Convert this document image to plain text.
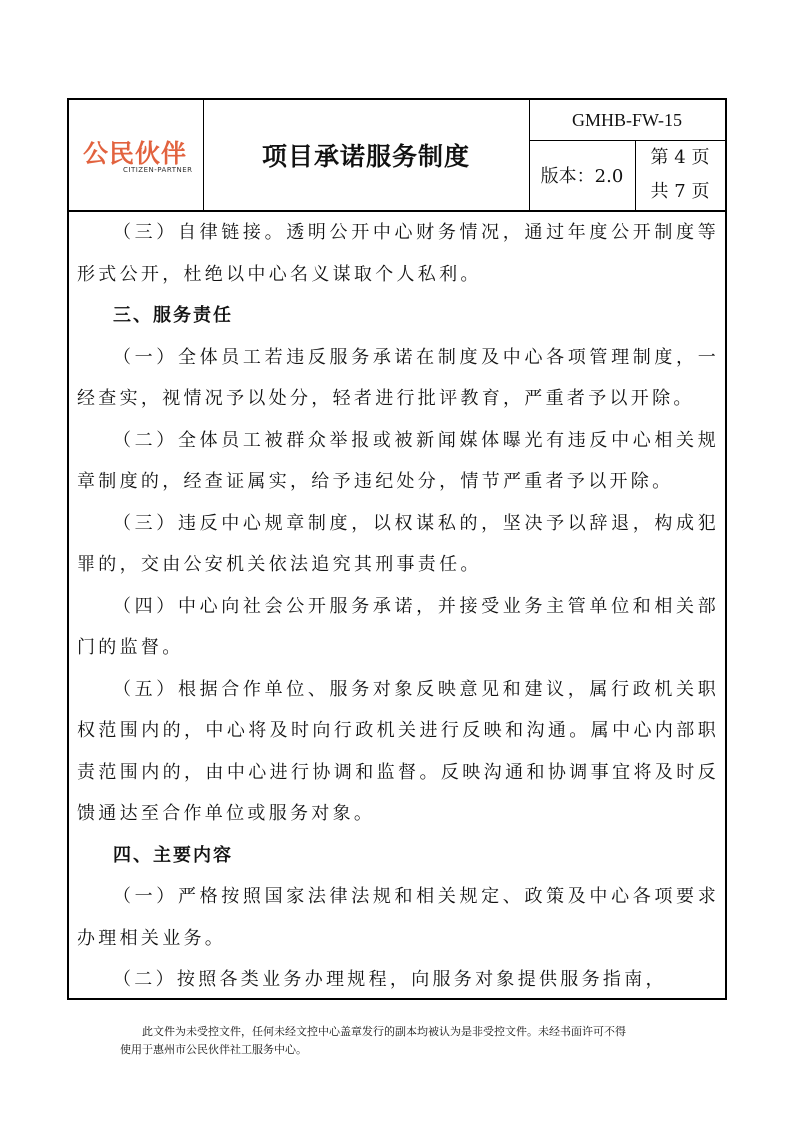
公民伙伴
CITIZEN-PARTNER	项目承诺服务制度
GMHB-FW-15
版本：2.0
第 4 页
共 7 页

（三）自律链接。透明公开中心财务情况，通过年度公开制度等形式公开，杜绝以中心名义谋取个人私利。

三、服务责任

（一）全体员工若违反服务承诺在制度及中心各项管理制度，一经查实，视情况予以处分，轻者进行批评教育，严重者予以开除。

（二）全体员工被群众举报或被新闻媒体曝光有违反中心相关规章制度的，经查证属实，给予违纪处分，情节严重者予以开除。

（三）违反中心规章制度，以权谋私的，坚决予以辞退，构成犯罪的，交由公安机关依法追究其刑事责任。

（四）中心向社会公开服务承诺，并接受业务主管单位和相关部门的监督。

（五）根据合作单位、服务对象反映意见和建议，属行政机关职权范围内的，中心将及时向行政机关进行反映和沟通。属中心内部职责范围内的，由中心进行协调和监督。反映沟通和协调事宜将及时反馈通达至合作单位或服务对象。

四、主要内容

（一）严格按照国家法律法规和相关规定、政策及中心各项要求办理相关业务。

（二）按照各类业务办理规程，向服务对象提供服务指南，

此文件为未受控文件，任何未经文控中心盖章发行的副本均被认为是非受控文件。未经书面许可不得
使用于惠州市公民伙伴社工服务中心。
